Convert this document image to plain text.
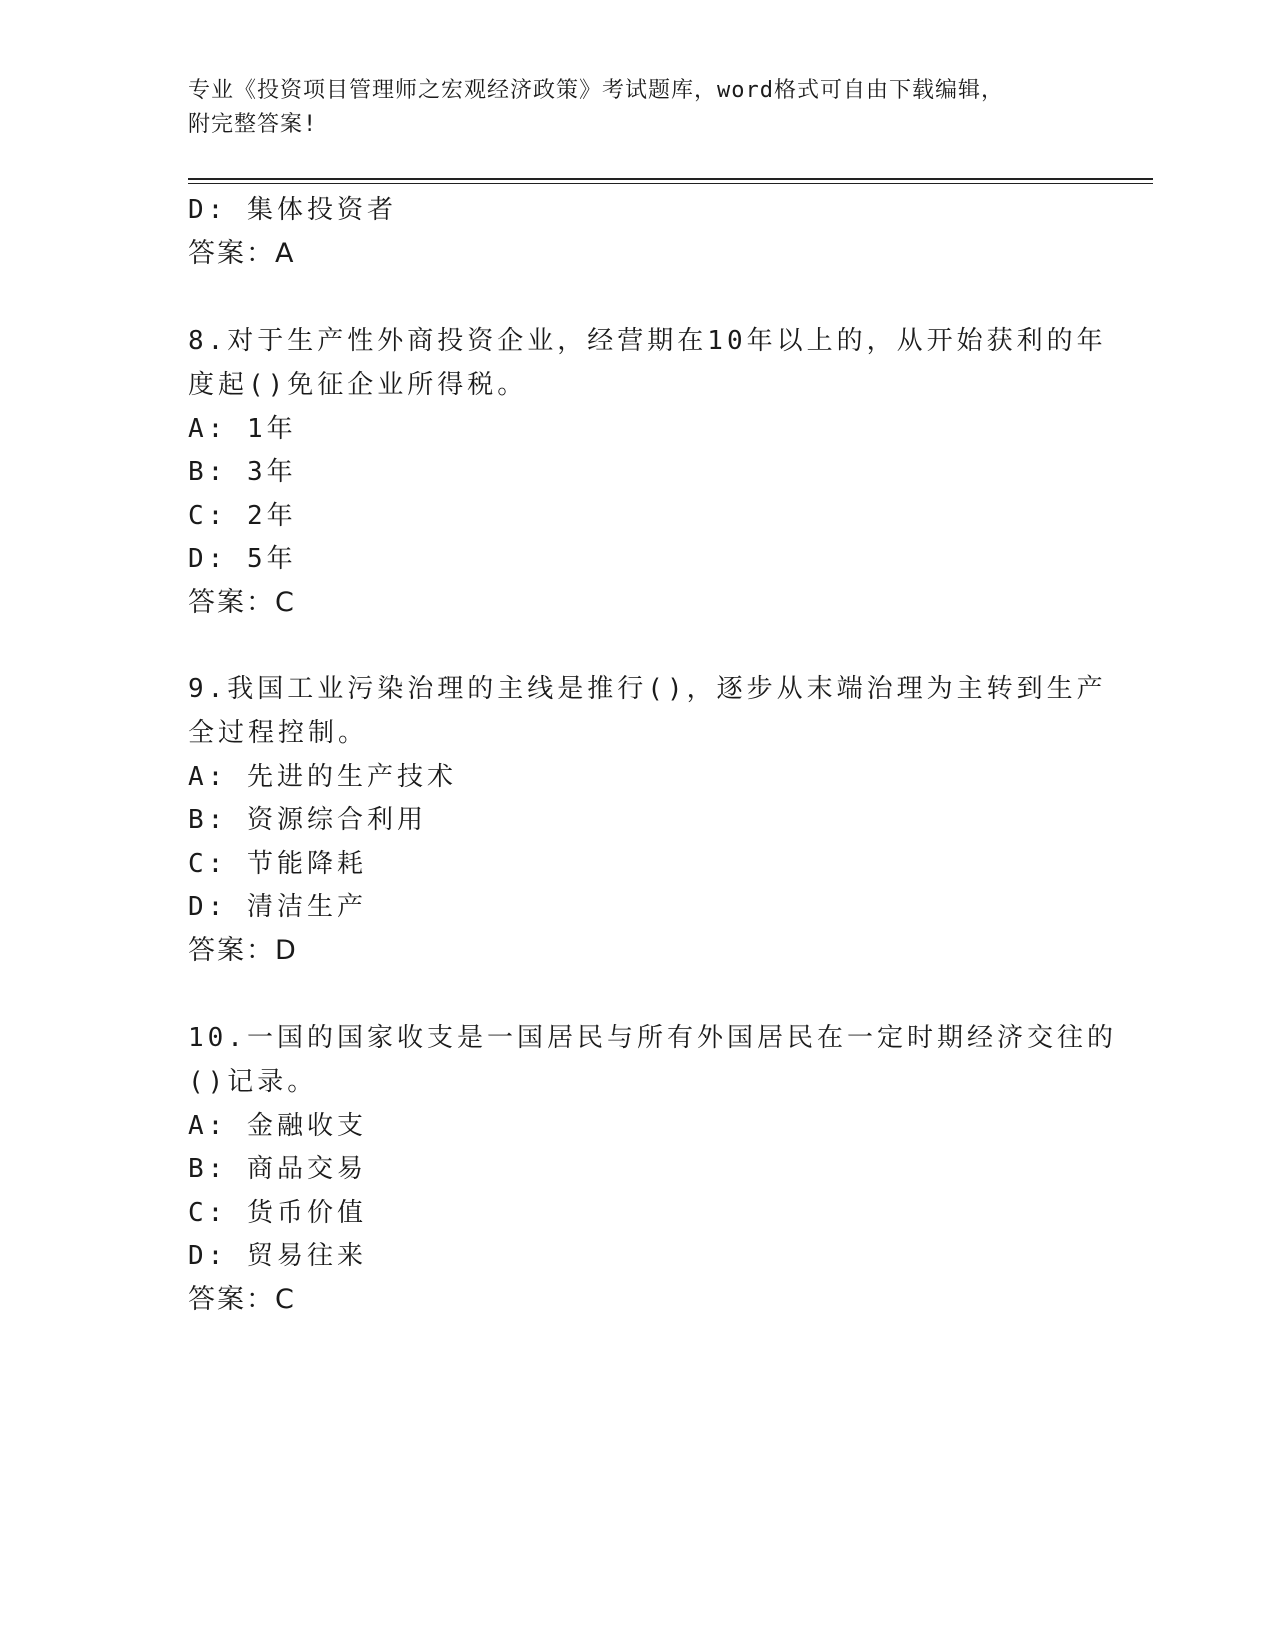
专业《投资项目管理师之宏观经济政策》考试题库，word格式可自由下载编辑，
附完整答案!
D: 集体投资者
答案：A
8.对于生产性外商投资企业，经营期在10年以上的，从开始获利的年
度起()免征企业所得税。
A: 1年
B: 3年
C: 2年
D: 5年
答案：C
9.我国工业污染治理的主线是推行()，逐步从末端治理为主转到生产
全过程控制。
A: 先进的生产技术
B: 资源综合利用
C: 节能降耗
D: 清洁生产
答案：D
10.一国的国家收支是一国居民与所有外国居民在一定时期经济交往的
()记录。
A: 金融收支
B: 商品交易
C: 货币价值
D: 贸易往来
答案：C
